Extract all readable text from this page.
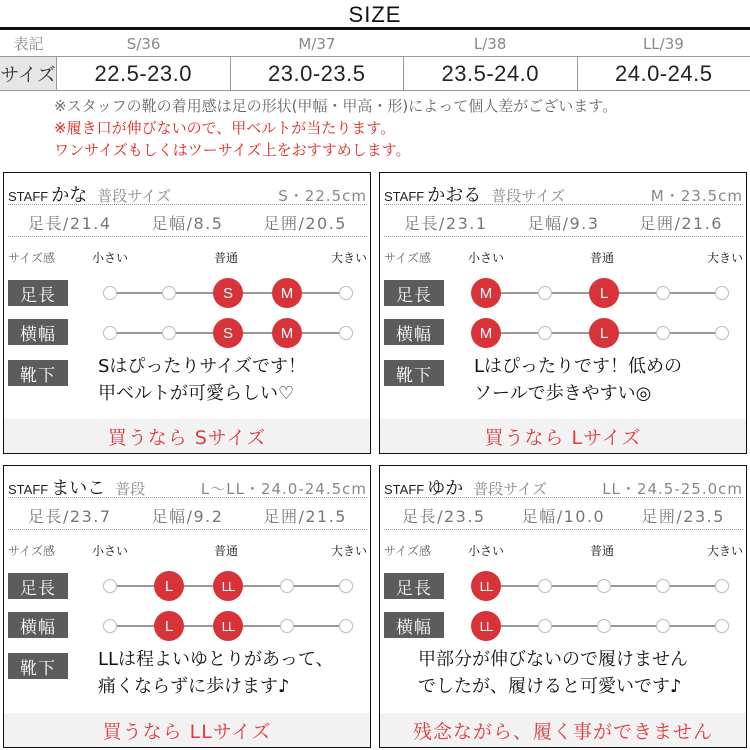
SIZE
表記	S/36	M/37	L/38	LL/39
サイズ	22.5-23.0	23.0-23.5	23.5-24.0	24.0-24.5
※スタッフの靴の着用感は足の形状(甲幅・甲高・形)によって個人差がございます。
※履き口が伸びないので、甲ベルトが当たります。
ワンサイズもしくはツーサイズ上をおすすめします。
STAFF かな 普段サイズ	S・22.5cm
足長/21.4	足幅/8.5	足囲/20.5
サイズ感	小さい	普通	大きい
足長
横幅
靴下
S	M
S	M
Sはぴったりサイズです！
甲ベルトが可愛らしい♡
買うなら Sサイズ
STAFF かおる 普段サイズ	M・23.5cm
足長/23.1	足幅/9.3	足囲/21.6
サイズ感	小さい	普通	大きい
足長
横幅
靴下
M	L
M	L
Lはぴったりです！低めの
ソールで歩きやすい◎
買うなら Lサイズ
STAFF まいこ 普段	L〜LL・24.0-24.5cm
足長/23.7	足幅/9.2	足囲/21.5
サイズ感	小さい	普通	大きい
足長
横幅
靴下
L	LL
L	LL
LLは程よいゆとりがあって、
痛くならずに歩けます♪
買うなら LLサイズ
STAFF ゆか 普段サイズ	LL・24.5-25.0cm
足長/23.5 足幅/10.0 足囲/23.5
サイズ感	小さい	普通	大きい
足長
横幅
LL
LL
甲部分が伸びないので履けません
でしたが、履けると可愛いです♪
残念ながら、履く事ができません
